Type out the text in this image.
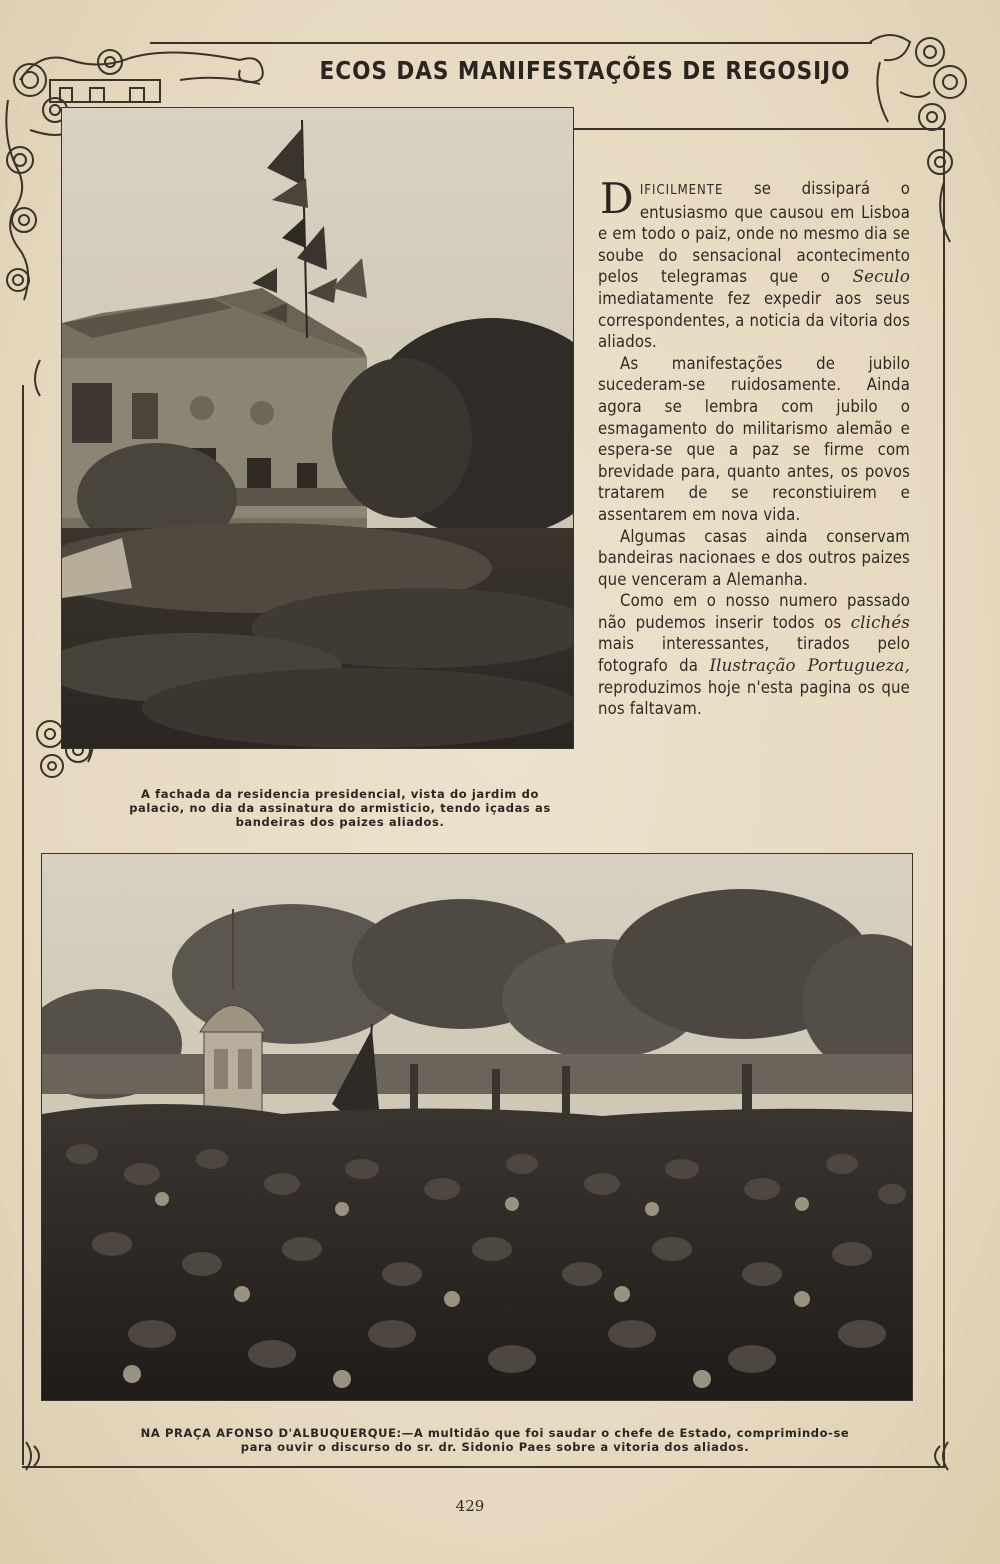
ECOS DAS MANIFESTAÇÕES DE REGOSIJO
A fachada da residencia presidencial, vista do jardim do
palacio, no dia da assinatura do armisticio, tendo içadas as
bandeiras dos paizes aliados.

DIFICILMENTE se dissipará o entusiasmo que causou em Lisboa e em todo o paiz, onde no mesmo dia se soube do sensacional acontecimento pelos telegramas que o Seculo imediatamente fez expedir aos seus correspondentes, a noticia da vitoria dos aliados.

As manifestações de jubilo sucederam-se ruidosamente. Ainda agora se lembra com jubilo o esmagamento do militarismo alemão e espera-se que a paz se firme com brevidade para, quanto antes, os povos tratarem de se reconstiuirem e assentarem em nova vida.

Algumas casas ainda conservam bandeiras nacionaes e dos outros paizes que venceram a Alemanha.

Como em o nosso numero passado não pudemos inserir todos os clichés mais interessantes, tirados pelo fotografo da Ilustração Portugueza, reproduzimos hoje n'esta pagina os que nos faltavam.

NA PRAÇA AFONSO D'ALBUQUERQUE:—A multidão que foi saudar o chefe de Estado, comprimindo-se
para ouvir o discurso do sr. dr. Sidonio Paes sobre a vitoria dos aliados.
429
